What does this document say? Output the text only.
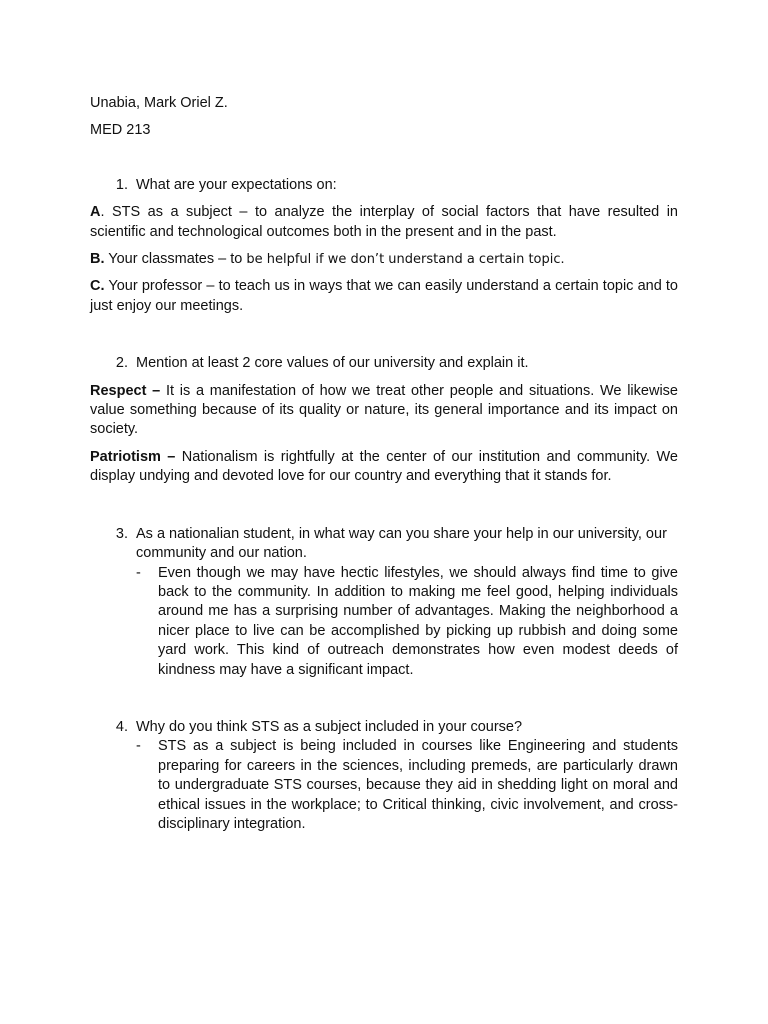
Unabia, Mark Oriel Z.

MED 213

1. What are your expectations on:

A. STS as a subject – to analyze the interplay of social factors that have resulted in scientific and technological outcomes both in the present and in the past.

B. Your classmates – to be helpful if we don’t understand a certain topic.

C. Your professor – to teach us in ways that we can easily understand a certain topic and to just enjoy our meetings.

2. Mention at least 2 core values of our university and explain it.

Respect – It is a manifestation of how we treat other people and situations. We likewise value something because of its quality or nature, its general importance and its impact on society.

Patriotism – Nationalism is rightfully at the center of our institution and community. We display undying and devoted love for our country and everything that it stands for.

3. As a nationalian student, in what way can you share your help in our university, our community and our nation.
-	Even though we may have hectic lifestyles, we should always find time to give back to the community. In addition to making me feel good, helping individuals around me has a surprising number of advantages. Making the neighborhood a nicer place to live can be accomplished by picking up rubbish and doing some yard work. This kind of outreach demonstrates how even modest deeds of kindness may have a significant impact.
4. Why do you think STS as a subject included in your course?
-	STS as a subject is being included in courses like Engineering and students preparing for careers in the sciences, including premeds, are particularly drawn to undergraduate STS courses, because they aid in shedding light on moral and ethical issues in the workplace; to Critical thinking, civic involvement, and cross-disciplinary integration.
